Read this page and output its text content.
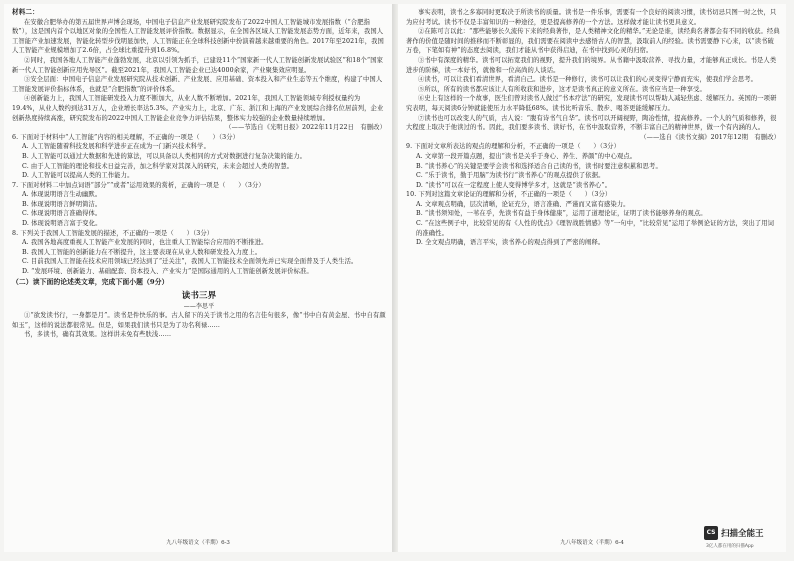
材料二：

在安徽合肥举办的第五届世界声博会现场，中国电子信息产业发展研究院发布了2022中国人工智能城市发展指数（“合肥指数”），这是国内首个以地区对象的全国性人工智能发展评价指数。数据显示，在全国各区域人工智能发展态势方面，近年来，我国人工智能产业加速发展，智能化转型步伐明显加快，人工智能正在全球科技创新中扮演着越来越重要的角色。2017年至2021年，我国人工智能产业规模增加了2.6倍，占全球比重提升到16.8%。

②同时，我国各地人工智能产业蓬勃发展，北京以引领为抓手，已建设11个“国家新一代人工智能创新发展试验区”和18个“国家新一代人工智能创新应用先导区”。截至2021年，我国人工智能企业已达4000余家，产业聚集效应明显。

③安全层面：中国电子信息产业发展研究院从技术创新、产业发展、应用基础、资本投入和产业生态等五个维度，构建了中国人工智能发展评价指标体系，也就是“合肥指数”的评价体系。

④创新能力上，我国人工智能研发投入力度不断加大，从业人数不断增加。2021年，我国人工智能领域专利授权量约为19.4%，从业人数约到达31万人，企业增长率达5.3%。产业实力上，北京、广东、浙江和上海的产业发展综合排名位居前列，企业创新热度持续高涨，研究院发布的2022中国人工智能企业竞争力评估结果，整体实力较强的企业数量持续增加。

（——节选自《光明日报》2022年11月22日　有删改）

6. 下面对于材料中“人工智能”内容的相关理解，不正确的一项是（　　）（3分）

A. 人工智能随着科技发展和科学进步正在成为一门新兴技术科学。

B. 人工智能可以通过大数据和先进的算法，可以具备以人类相同的方式对数据进行复杂决策的能力。

C. 由于人工智能的理论和技术日益完善，加之科学家对其深入的研究，未来会超过人类的智慧。

D. 人工智能可以提高人类的工作能力。

7. 下面对材料二中加点词语“部分”“或者”运用效果的赏析，正确的一项是（　　）（3分）

A. 体现说明语言生动幽默。

B. 体现说明语言鲜明简洁。

C. 体现说明语言准确得体。

D. 体现说明语言富于变化。

8. 下列关于我国人工智能发展的描述，不正确的一项是（　　）（3分）

A. 我国各地高度重视人工智能产业发展的同时，也注重人工智能综合应用的不断推进。

B. 我国人工智能的创新能力在不断提升，这主要表现在从业人数和研发投入力度上。

C. 目前我国人工智能在技术应用领域已经达到了“迁关注”，我国人工智能技术全面领先并已实现全面普及于人类生活。

D. “发展环境、创新能力、基础配套、资本投入、产业实力”是国际通用的人工智能创新发展评价标准。

（二）读下面的论述类文章，完成下面小题（9分）

读书三界

——李思平

①“欲发读书行，一身都是月”。读书是件快乐的事。古人留下的关于读书之用的名言佳句很多，像“书中自有黄金屋、书中自有颜如玉”，这样的说法都很常见。但是，如果我们读书只是为了功名利禄……

书，多读书，确有其效果。这样讲未免有些肤浅……

九八年级语文（半期）6-3

事实表明，读书之多寡同时更取决于所读书的质量。读书是一件乐事，需要有一个良好的阅读习惯，读书切忌只图一时之快，只为应付考试。读书不仅是丰富知识的一种途径，更是提高修养的一个方法。这样做才能让读书更具意义。

②在陈可言以此：“那些能够长久流传下来的经典著作，是人类精神文化的精华。”无论是谁，读经典名著都会有不同的收获。经典著作的价值是随时间的推移而不断彰显的，我们需要在阅读中去感悟古人的智慧，汲取前人的经验。读书需要静下心来，以“读书破万卷，下笔如有神”的态度去阅读，我们才能从书中获得启迪，在书中找到心灵的归宿。

③书中有深度的精华。读书可以拓宽我们的视野，提升我们的境界。从书籍中汲取营养、寻找力量，才能够真正成长。书是人类进步的阶梯，读一本好书，就像和一位高尚的人谈话。

④读书，可以让我们看清世界，看清自己。读书是一种修行，读书可以让我们的心灵变得宁静而充实，使我们学会思考。

⑤所以，所有的读书都应该让人有所收获和进步，这才是读书真正的意义所在。读书应当是一种享受。

⑥史上有这样的一个故事，医生们曾对读书人做过“书本疗法”的研究，发现读书可以帮助人减轻焦虑、缓解压力。英国的一项研究表明，每天阅读6分钟就能使压力水平降低68%。读书比听音乐、散步、喝茶更能缓解压力。

⑦读书也可以改变人的气质，古人说：“腹有诗书气自华”。读书可以开阔视野，陶冶性情，提高修养。一个人的气质和修养，很大程度上取决于他读过的书。因此，我们要多读书、读好书，在书中汲取营养，不断丰富自己的精神世界，做一个有内涵的人。

（——选自《读书文摘》2017年12期　有删改）

9. 下面对文章所表达的观点的理解和分析，不正确的一项是（　　）（3分）

A. 文章第一段开篇点题，提出“读书是关乎于身心、养生、养颜”的中心观点。

B. “读书养心”的关键是要学会读书和选择适合自己读的书，读书时要注意积累和思考。

C. “乐于读书，勤于用脑”为读书行“读书养心”的观点提供了依据。

D. “读书”可以在一定程度上使人变得博学多才，这就是“读书养心”。

10. 下列对这篇文章论证的理解和分析，不正确的一项是（　　）（3分）

A. 文章观点明确，层次清晰，论证充分，语言准确、严谨而又富有感染力。

B. “读书须知处，一苇在乎，先读书有益于身体健康”，运用了道理论证，证明了读书能够养身的观点。

C. “在这些例子中，比较常见的有《人性的优点》《理智战胜情感》等”一句中，“比较常见”运用了举例论证的方法，突出了用词的准确性。

D. 全文观点明确，语言平实，读书养心的观点得到了严密的阐释。

九八年级语文（半期）6-4
CS 扫描全能王
3亿人都在用的扫描App
